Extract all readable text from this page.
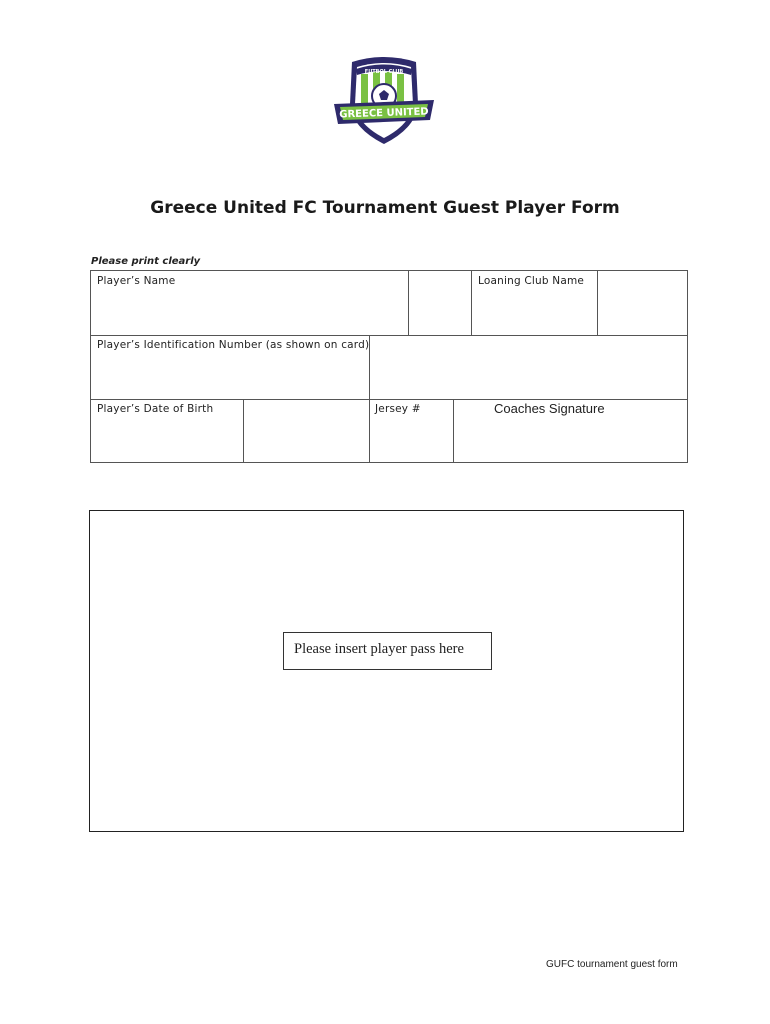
FUTBOL CLUB
GREECE UNITED
Greece United FC Tournament Guest Player Form

Please print clearly

Player’s Name	Loaning Club Name

Player’s Identification Number (as shown on card)

Player’s Date of Birth	Jersey #	Coaches Signature

Please insert player pass here

GUFC tournament guest form
